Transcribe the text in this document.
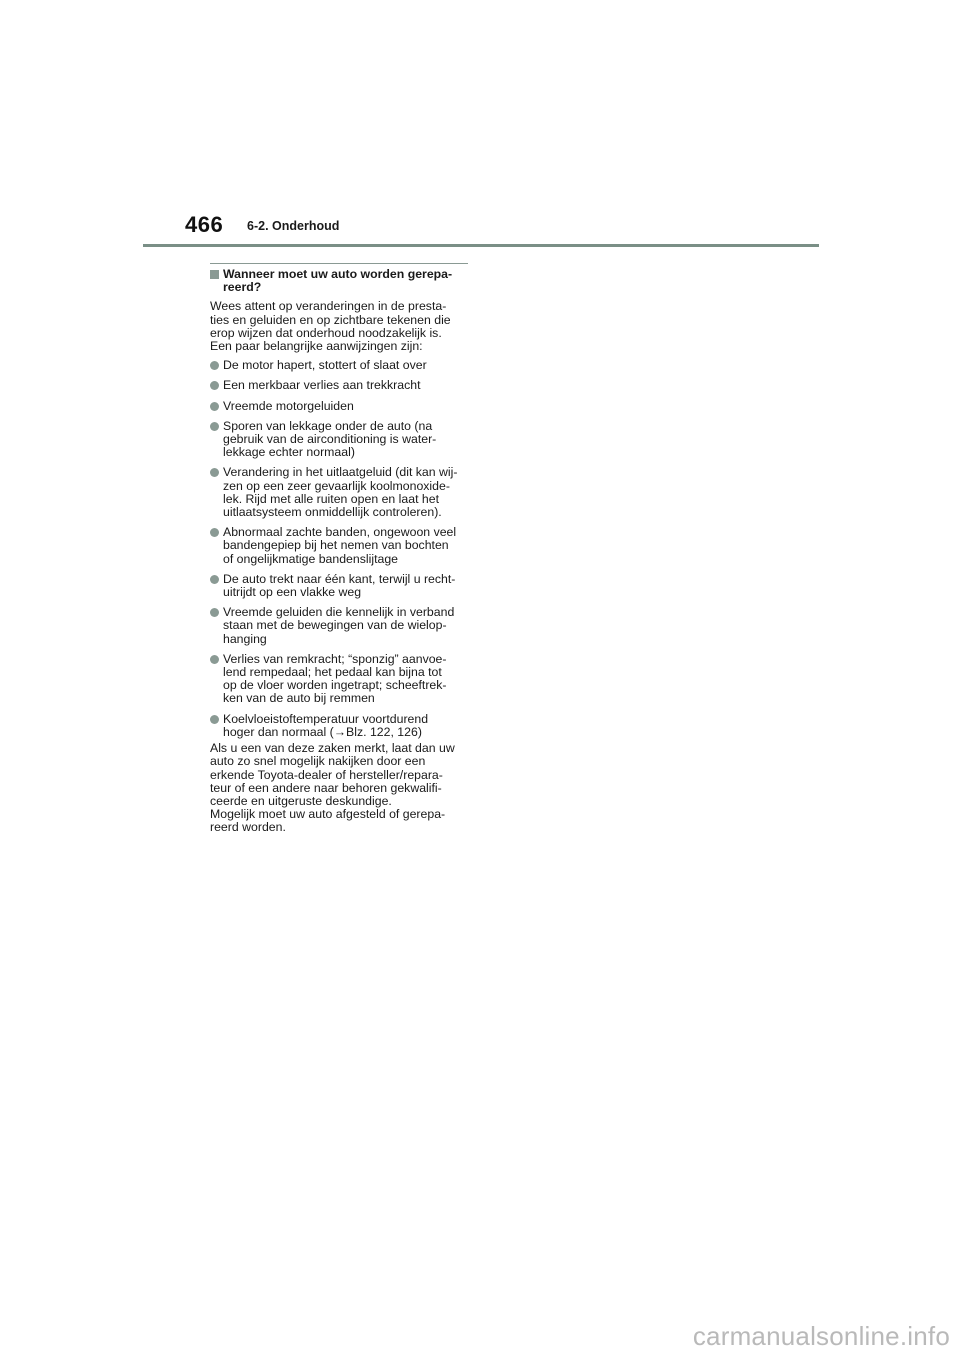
466 6-2. Onderhoud
Wanneer moet uw auto worden gerepa-
reerd?
Wees attent op veranderingen in de presta-
ties en geluiden en op zichtbare tekenen die
erop wijzen dat onderhoud noodzakelijk is.
Een paar belangrijke aanwijzingen zijn:
De motor hapert, stottert of slaat over
Een merkbaar verlies aan trekkracht
Vreemde motorgeluiden
Sporen van lekkage onder de auto (na
gebruik van de airconditioning is water-
lekkage echter normaal)
Verandering in het uitlaatgeluid (dit kan wij-
zen op een zeer gevaarlijk koolmonoxide-
lek. Rijd met alle ruiten open en laat het
uitlaatsysteem onmiddellijk controleren).
Abnormaal zachte banden, ongewoon veel
bandengepiep bij het nemen van bochten
of ongelijkmatige bandenslijtage
De auto trekt naar één kant, terwijl u recht-
uitrijdt op een vlakke weg
Vreemde geluiden die kennelijk in verband
staan met de bewegingen van de wielop-
hanging
Verlies van remkracht; “sponzig” aanvoe-
lend rempedaal; het pedaal kan bijna tot
op de vloer worden ingetrapt; scheeftrek-
ken van de auto bij remmen
Koelvloeistoftemperatuur voortdurend
hoger dan normaal (→Blz. 122, 126)
Als u een van deze zaken merkt, laat dan uw
auto zo snel mogelijk nakijken door een
erkende Toyota-dealer of hersteller/repara-
teur of een andere naar behoren gekwalifi-
ceerde en uitgeruste deskundige.
Mogelijk moet uw auto afgesteld of gerepa-
reerd worden.
carmanualsonline.info
